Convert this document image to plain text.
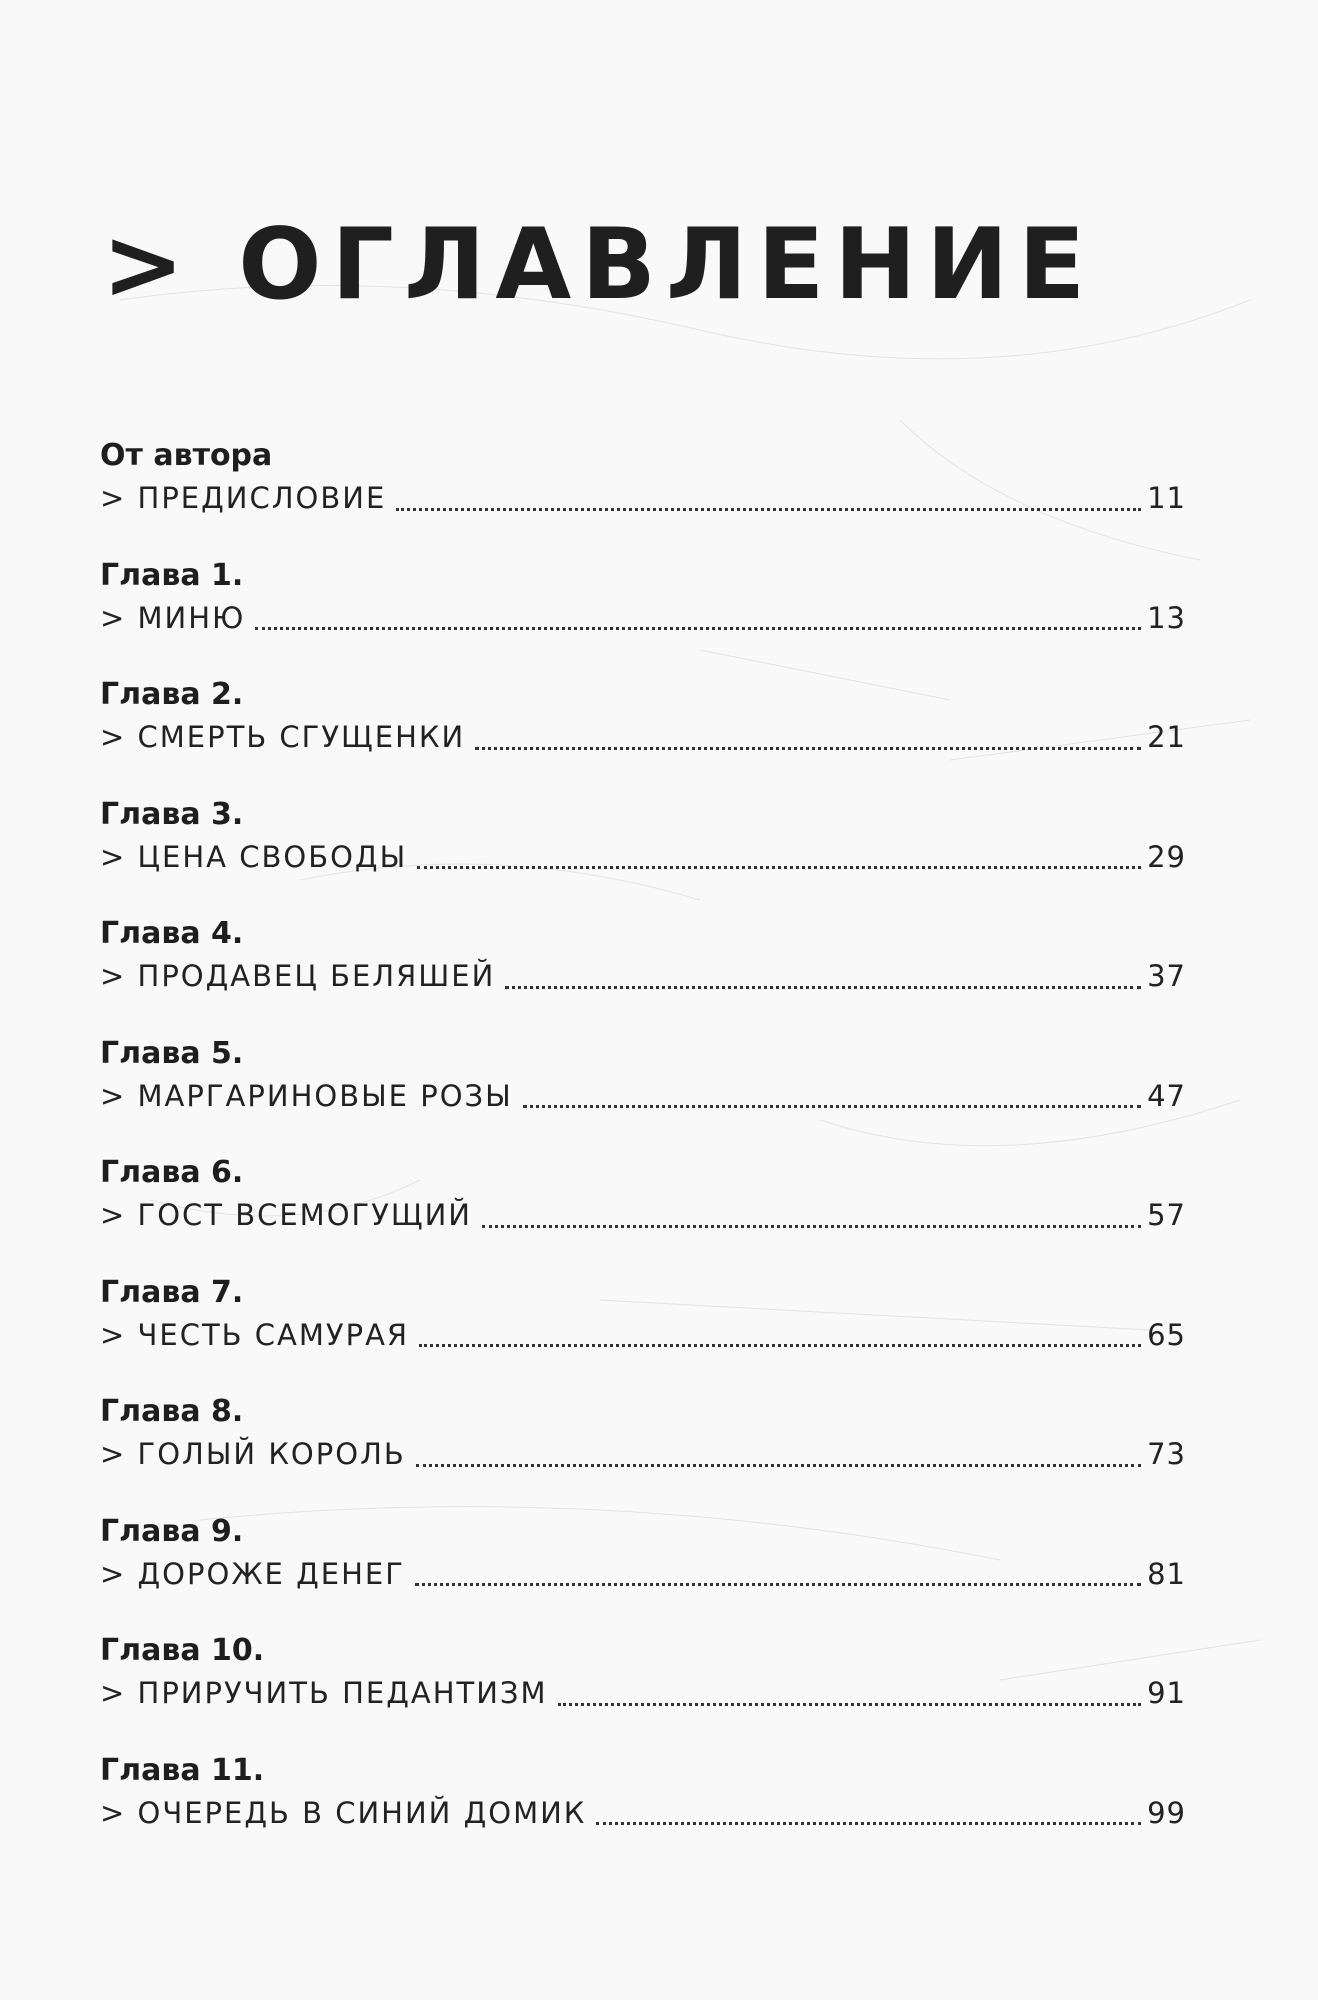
> ОГЛАВЛЕНИЕ
От автора
> ПРЕДИСЛОВИЕ	11
Глава 1.
> МИНЮ	13
Глава 2.
> СМЕРТЬ СГУЩЕНКИ	21
Глава 3.
> ЦЕНА СВОБОДЫ	29
Глава 4.
> ПРОДАВЕЦ БЕЛЯШЕЙ	37
Глава 5.
> МАРГАРИНОВЫЕ РОЗЫ	47
Глава 6.
> ГОСТ ВСЕМОГУЩИЙ	57
Глава 7.
> ЧЕСТЬ САМУРАЯ	65
Глава 8.
> ГОЛЫЙ КОРОЛЬ	73
Глава 9.
> ДОРОЖЕ ДЕНЕГ	81
Глава 10.
> ПРИРУЧИТЬ ПЕДАНТИЗМ	91
Глава 11.
> ОЧЕРЕДЬ В СИНИЙ ДОМИК	99
